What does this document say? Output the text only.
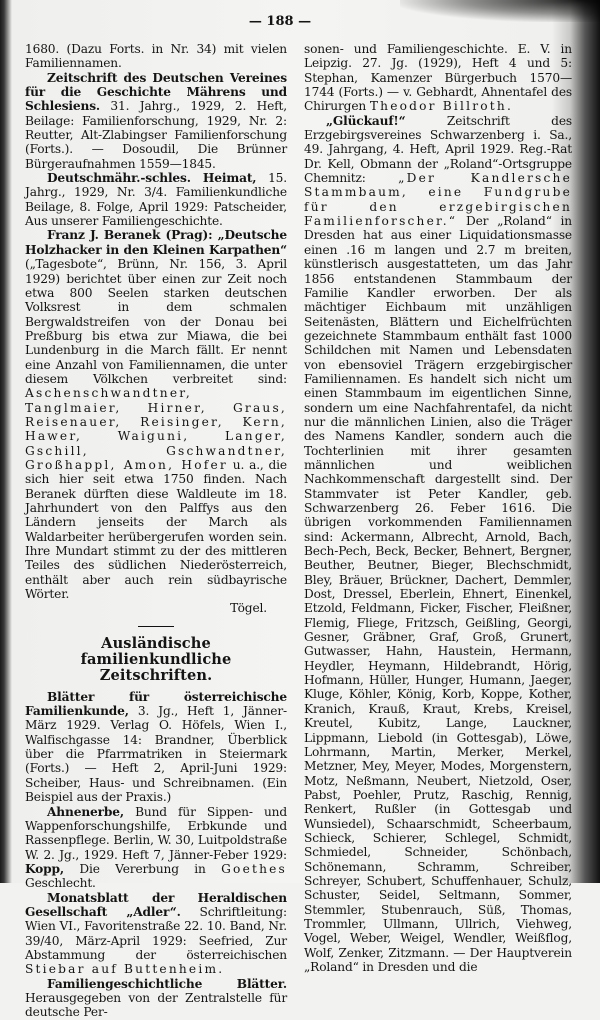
— 188 —

1680. (Dazu Forts. in Nr. 34) mit vielen Familiennamen.

Zeitschrift des Deutschen Vereines für die Geschichte Mährens und Schlesiens. 31. Jahrg., 1929, 2. Heft, Beilage: Familienforschung, 1929, Nr. 2: Reutter, Alt-Zlabingser Familienforschung (Forts.). — Dosoudil, Die Brünner Bürgeraufnahmen 1559—1845.

Deutschmähr.-schles. Heimat, 15. Jahrg., 1929, Nr. 3/4. Familienkundliche Beilage, 8. Folge, April 1929: Patscheider, Aus unserer Familiengeschichte.

Franz J. Beranek (Prag): „Deutsche Holzhacker in den Kleinen Karpathen“ („Tagesbote“, Brünn, Nr. 156, 3. April 1929) berichtet über einen zur Zeit noch etwa 800 Seelen starken deutschen Volksrest in dem schmalen Bergwaldstreifen von der Donau bei Preßburg bis etwa zur Miawa, die bei Lundenburg in die March fällt. Er nennt eine Anzahl von Familiennamen, die unter diesem Völkchen verbreitet sind: Aschenschwandtner, Tanglmaier, Hirner, Graus, Reisenauer, Reisinger, Kern, Hawer, Waiguni, Langer, Gschill, Gschwandtner, Großhappl, Amon, Hofer u. a., die sich hier seit etwa 1750 finden. Nach Beranek dürften diese Waldleute im 18. Jahrhundert von den Palffys aus den Ländern jenseits der March als Waldarbeiter herübergerufen worden sein. Ihre Mundart stimmt zu der des mittleren Teiles des südlichen Niederösterreich, enthält aber auch rein südbayrische Wörter.

Tögel.

Ausländische familienkundliche Zeitschriften.

Blätter für österreichische Familienkunde, 3. Jg., Heft 1, Jänner-März 1929. Verlag O. Höfels, Wien I., Walfischgasse 14: Brandner, Überblick über die Pfarrmatriken in Steiermark (Forts.) — Heft 2, April-Juni 1929: Scheiber, Haus- und Schreibnamen. (Ein Beispiel aus der Praxis.)

Ahnenerbe, Bund für Sippen- und Wappenforschungshilfe, Erbkunde und Rassenpflege. Berlin, W. 30, Luitpoldstraße W. 2. Jg., 1929. Heft 7, Jänner-Feber 1929: Kopp, Die Vererbung in Goethes Geschlecht.

Monatsblatt der Heraldischen Gesellschaft „Adler“. Schriftleitung: Wien VI., Favoritenstraße 22. 10. Band, Nr. 39/40, März-April 1929: Seefried, Zur Abstammung der österreichischen Stiebar auf Buttenheim.

Familiengeschichtliche Blätter. Herausgegeben von der Zentralstelle für deutsche Per-

sonen- und Familiengeschichte. E. V. in Leipzig. 27. Jg. (1929), Heft 4 und 5: Stephan, Kamenzer Bürgerbuch 1570—1744 (Forts.) — v. Gebhardt, Ahnentafel des Chirurgen Theodor Billroth.

„Glückauf!“ Zeitschrift des Erzgebirgsvereines Schwarzenberg i. Sa., 49. Jahrgang, 4. Heft, April 1929. Reg.-Rat Dr. Kell, Obmann der „Roland“-Ortsgruppe Chemnitz: „Der Kandlersche Stammbaum, eine Fundgrube für den erzgebirgischen Familienforscher.“ Der „Roland“ in Dresden hat aus einer Liquidationsmasse einen .16 m langen und 2.7 m breiten, künstlerisch ausgestatteten, um das Jahr 1856 entstandenen Stammbaum der Familie Kandler erworben. Der als mächtiger Eichbaum mit unzähligen Seitenästen, Blättern und Eichelfrüchten gezeichnete Stammbaum enthält fast 1000 Schildchen mit Namen und Lebensdaten von ebensoviel Trägern erzgebirgischer Familiennamen. Es handelt sich nicht um einen Stammbaum im eigentlichen Sinne, sondern um eine Nachfahrentafel, da nicht nur die männlichen Linien, also die Träger des Namens Kandler, sondern auch die Tochterlinien mit ihrer gesamten männlichen und weiblichen Nachkommenschaft dargestellt sind. Der Stammvater ist Peter Kandler, geb. Schwarzenberg 26. Feber 1616. Die übrigen vorkommenden Familiennamen sind: Ackermann, Albrecht, Arnold, Bach, Bech-Pech, Beck, Becker, Behnert, Bergner, Beuther, Beutner, Bieger, Blechschmidt, Bley, Bräuer, Brückner, Dachert, Demmler, Dost, Dressel, Eberlein, Ehnert, Einenkel, Etzold, Feldmann, Ficker, Fischer, Fleißner, Flemig, Fliege, Fritzsch, Geißling, Georgi, Gesner, Gräbner, Graf, Groß, Grunert, Gutwasser, Hahn, Haustein, Hermann, Heydler, Heymann, Hildebrandt, Hörig, Hofmann, Hüller, Hunger, Humann, Jaeger, Kluge, Köhler, König, Korb, Koppe, Kother, Kranich, Krauß, Kraut, Krebs, Kreisel, Kreutel, Kubitz, Lange, Lauckner, Lippmann, Liebold (in Gottesgab), Löwe, Lohrmann, Martin, Merker, Merkel, Metzner, Mey, Meyer, Modes, Morgenstern, Motz, Neßmann, Neubert, Nietzold, Oser, Pabst, Poehler, Prutz, Raschig, Rennig, Renkert, Rußler (in Gottesgab und Wunsiedel), Schaarschmidt, Scheerbaum, Schieck, Schierer, Schlegel, Schmidt, Schmiedel, Schneider, Schönbach, Schönemann, Schramm, Schreiber, Schreyer, Schubert, Schuffenhauer, Schulz, Schuster, Seidel, Seltmann, Sommer, Stemmler, Stubenrauch, Süß, Thomas, Trommler, Ullmann, Ullrich, Viehweg, Vogel, Weber, Weigel, Wendler, Weißflog, Wolf, Zenker, Zitzmann. — Der Hauptverein „Roland“ in Dresden und die
